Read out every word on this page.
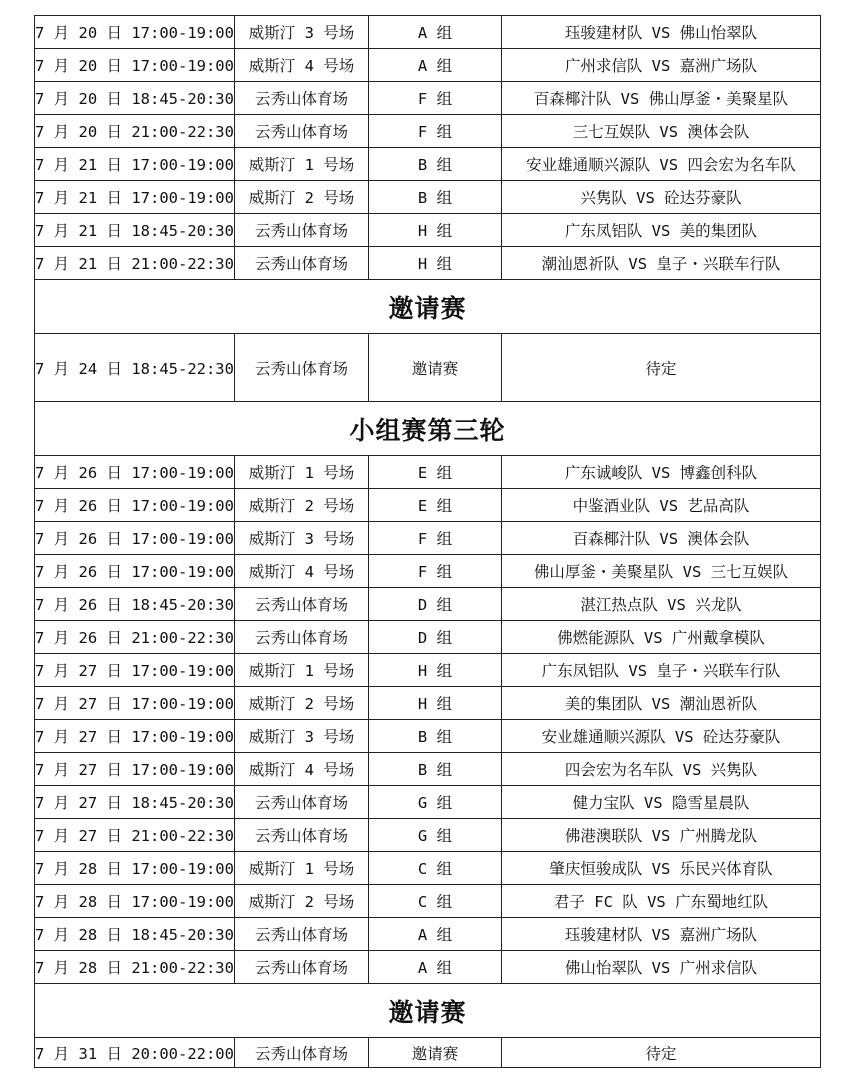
7 月 20 日 17:00-19:00	威斯汀 3 号场	A 组	珏骏建材队 VS 佛山怡翠队
7 月 20 日 17:00-19:00	威斯汀 4 号场	A 组	广州求信队 VS 嘉洲广场队
7 月 20 日 18:45-20:30	云秀山体育场	F 组	百森椰汁队 VS 佛山厚釜・美聚星队
7 月 20 日 21:00-22:30	云秀山体育场	F 组	三七互娱队 VS 澳体会队
7 月 21 日 17:00-19:00	威斯汀 1 号场	B 组	安业雄通顺兴源队 VS 四会宏为名车队
7 月 21 日 17:00-19:00	威斯汀 2 号场	B 组	兴隽队 VS 砼达芬豪队
7 月 21 日 18:45-20:30	云秀山体育场	H 组	广东凤铝队 VS 美的集团队
7 月 21 日 21:00-22:30	云秀山体育场	H 组	潮汕恩祈队 VS 皇子・兴联车行队
邀请赛			
7 月 24 日 18:45-22:30	云秀山体育场	邀请赛	待定
小组赛第三轮			
7 月 26 日 17:00-19:00	威斯汀 1 号场	E 组	广东诚峻队 VS 博鑫创科队
7 月 26 日 17:00-19:00	威斯汀 2 号场	E 组	中鉴酒业队 VS 艺品高队
7 月 26 日 17:00-19:00	威斯汀 3 号场	F 组	百森椰汁队 VS 澳体会队
7 月 26 日 17:00-19:00	威斯汀 4 号场	F 组	佛山厚釜・美聚星队 VS 三七互娱队
7 月 26 日 18:45-20:30	云秀山体育场	D 组	湛江热点队 VS 兴龙队
7 月 26 日 21:00-22:30	云秀山体育场	D 组	佛燃能源队 VS 广州戴拿模队
7 月 27 日 17:00-19:00	威斯汀 1 号场	H 组	广东凤铝队 VS 皇子・兴联车行队
7 月 27 日 17:00-19:00	威斯汀 2 号场	H 组	美的集团队 VS 潮汕恩祈队
7 月 27 日 17:00-19:00	威斯汀 3 号场	B 组	安业雄通顺兴源队 VS 砼达芬豪队
7 月 27 日 17:00-19:00	威斯汀 4 号场	B 组	四会宏为名车队 VS 兴隽队
7 月 27 日 18:45-20:30	云秀山体育场	G 组	健力宝队 VS 隐雪星晨队
7 月 27 日 21:00-22:30	云秀山体育场	G 组	佛港澳联队 VS 广州腾龙队
7 月 28 日 17:00-19:00	威斯汀 1 号场	C 组	肇庆恒骏成队 VS 乐民兴体育队
7 月 28 日 17:00-19:00	威斯汀 2 号场	C 组	君子 FC 队 VS 广东蜀地红队
7 月 28 日 18:45-20:30	云秀山体育场	A 组	珏骏建材队 VS 嘉洲广场队
7 月 28 日 21:00-22:30	云秀山体育场	A 组	佛山怡翠队 VS 广州求信队
邀请赛			
7 月 31 日 20:00-22:00	云秀山体育场	邀请赛	待定
